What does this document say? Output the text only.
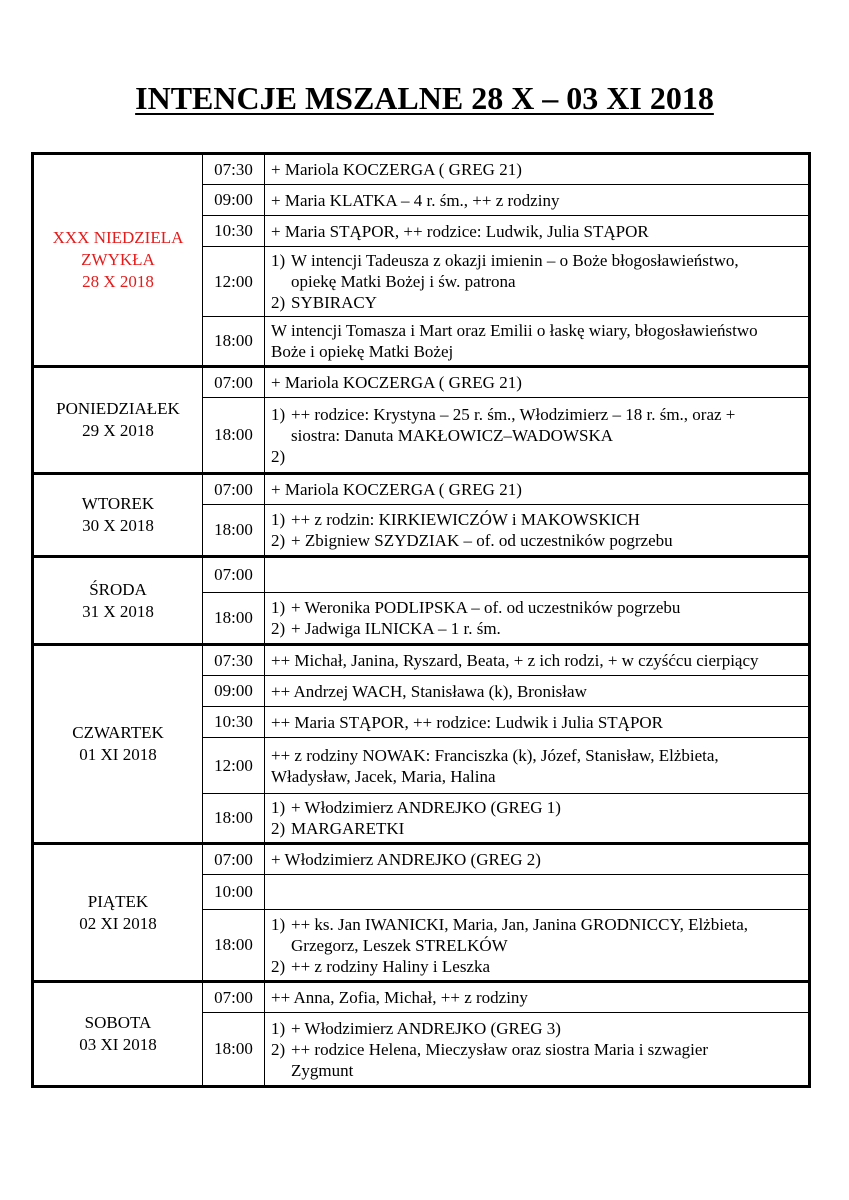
INTENCJE MSZALNE 28 X – 03 XI 2018
XXX NIEDZIELA
ZWYKŁA
28 X 2018	07:30	+ Mariola KOCZERGA ( GREG 21)

	09:00	+ Maria KLATKA – 4 r. śm., ++ z rodziny

	10:30	+ Maria STĄPOR, ++ rodzice: Ludwik, Julia STĄPOR

	12:00	1) W intencji Tadeusza z okazji imienin – o Boże błogosławieństwo,
opiekę Matki Bożej i św. patrona
2) SYBIRACY

	18:00	W intencji Tomasza i Mart oraz Emilii o łaskę wiary, błogosławieństwo
Boże i opiekę Matki Bożej

PONIEDZIAŁEK
29 X 2018	07:00	+ Mariola KOCZERGA ( GREG 21)

	18:00	1) ++ rodzice: Krystyna – 25 r. śm., Włodzimierz – 18 r. śm., oraz +
siostra: Danuta MAKŁOWICZ–WADOWSKA
2)

WTOREK
30 X 2018	07:00	+ Mariola KOCZERGA ( GREG 21)

	18:00	1) ++ z rodzin: KIRKIEWICZÓW i MAKOWSKICH
2) + Zbigniew SZYDZIAK – of. od uczestników pogrzebu

ŚRODA
31 X 2018	07:00	
	18:00	1) + Weronika PODLIPSKA – of. od uczestników pogrzebu
2) + Jadwiga ILNICKA – 1 r. śm.

CZWARTEK
01 XI 2018	07:30	++ Michał, Janina, Ryszard, Beata, + z ich rodzi, + w czyśćcu cierpiący

	09:00	++ Andrzej WACH, Stanisława (k), Bronisław

	10:30	++ Maria STĄPOR, ++ rodzice: Ludwik i Julia STĄPOR

	12:00	++ z rodziny NOWAK: Franciszka (k), Józef, Stanisław, Elżbieta,
Władysław, Jacek, Maria, Halina

	18:00	1) + Włodzimierz ANDREJKO (GREG 1)
2) MARGARETKI

PIĄTEK
02 XI 2018	07:00	+ Włodzimierz ANDREJKO (GREG 2)

	10:00	
	18:00	1) ++ ks. Jan IWANICKI, Maria, Jan, Janina GRODNICCY, Elżbieta,
Grzegorz, Leszek STRELKÓW
2) ++ z rodziny Haliny i Leszka

SOBOTA
03 XI 2018	07:00	++ Anna, Zofia, Michał, ++ z rodziny

	18:00	1) + Włodzimierz ANDREJKO (GREG 3)
2) ++ rodzice Helena, Mieczysław oraz siostra Maria i szwagier
Zygmunt
